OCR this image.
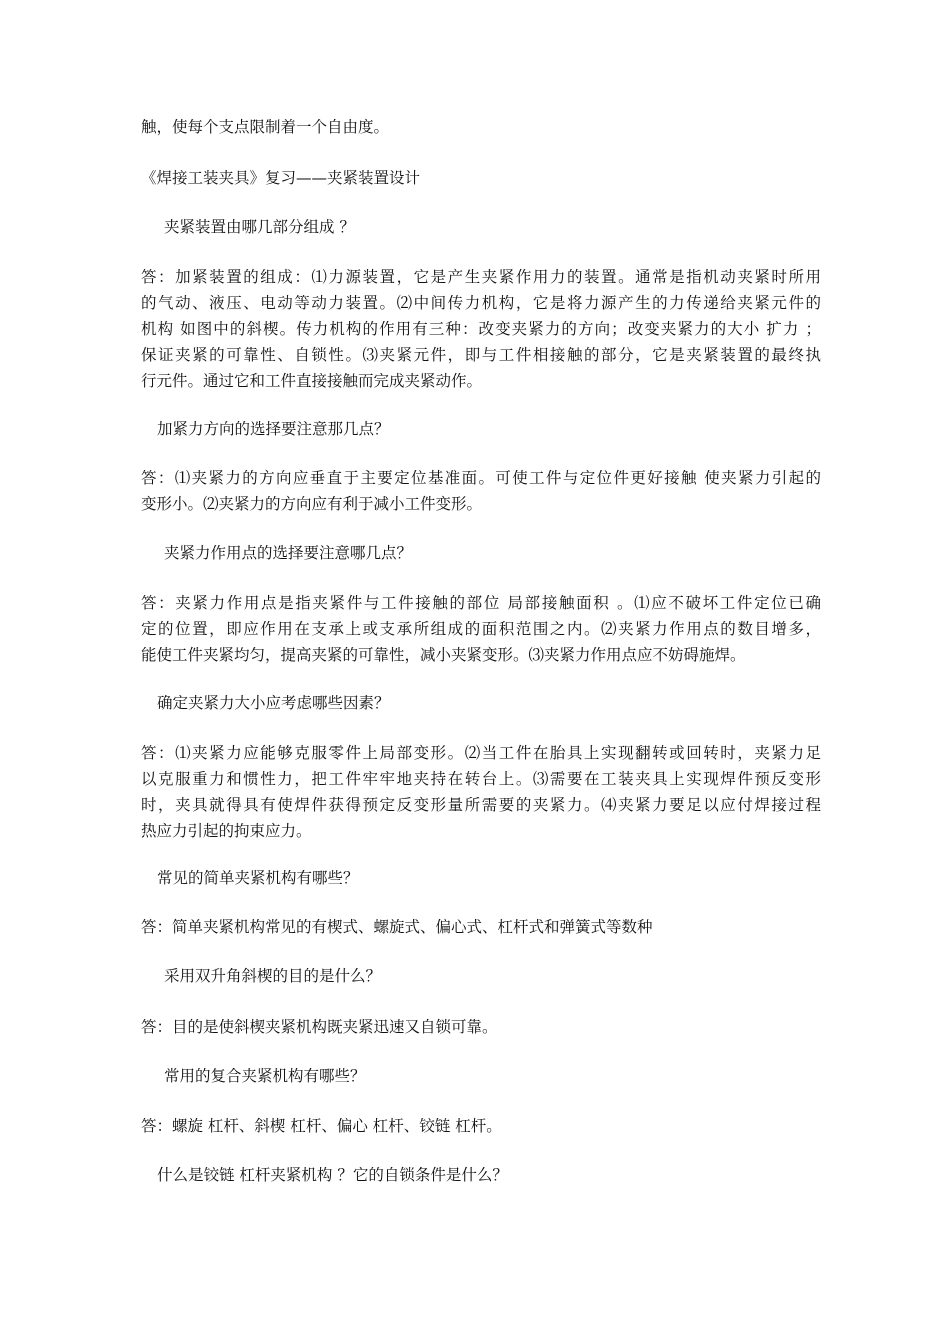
触，使每个支点限制着一个自由度。
《焊接工装夹具》复习——夹紧装置设计
夹紧装置由哪几部分组成 ？
答：加紧装置的组成：⑴力源装置，它是产生夹紧作用力的装置。通常是指机动夹紧时所用
的气动、液压、电动等动力装置。⑵中间传力机构，它是将力源产生的力传递给夹紧元件的
机构 如图中的斜楔。传力机构的作用有三种：改变夹紧力的方向；改变夹紧力的大小 扩力 ；
保证夹紧的可靠性、自锁性。⑶夹紧元件，即与工件相接触的部分，它是夹紧装置的最终执
行元件。通过它和工件直接接触而完成夹紧动作。
加紧力方向的选择要注意那几点？
答：⑴夹紧力的方向应垂直于主要定位基准面。可使工件与定位件更好接触 使夹紧力引起的
变形小。⑵夹紧力的方向应有利于减小工件变形。
夹紧力作用点的选择要注意哪几点？
答：夹紧力作用点是指夹紧件与工件接触的部位 局部接触面积 。⑴应不破坏工件定位已确
定的位置，即应作用在支承上或支承所组成的面积范围之内。⑵夹紧力作用点的数目增多，
能使工件夹紧均匀，提高夹紧的可靠性，减小夹紧变形。⑶夹紧力作用点应不妨碍施焊。
确定夹紧力大小应考虑哪些因素？
答：⑴夹紧力应能够克服零件上局部变形。⑵当工件在胎具上实现翻转或回转时，夹紧力足
以克服重力和惯性力，把工件牢牢地夹持在转台上。⑶需要在工装夹具上实现焊件预反变形
时，夹具就得具有使焊件获得预定反变形量所需要的夹紧力。⑷夹紧力要足以应付焊接过程
热应力引起的拘束应力。
常见的简单夹紧机构有哪些？
答：简单夹紧机构常见的有楔式、螺旋式、偏心式、杠杆式和弹簧式等数种
采用双升角斜楔的目的是什么？
答：目的是使斜楔夹紧机构既夹紧迅速又自锁可靠。
常用的复合夹紧机构有哪些？
答：螺旋 杠杆、斜楔 杠杆、偏心 杠杆、铰链 杠杆。
什么是铰链 杠杆夹紧机构 ？它的自锁条件是什么？
